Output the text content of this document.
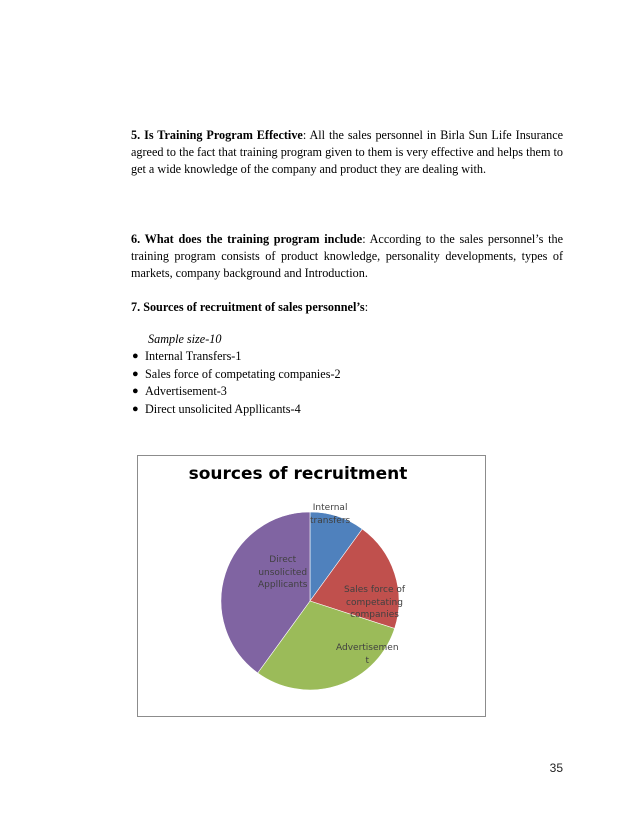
5. Is Training Program Effective: All the sales personnel in Birla Sun Life Insurance agreed to the fact that training program given to them is very effective and helps them to get a wide knowledge of the company and product they are dealing with.
6. What does the training program include: According to the sales personnel’s the training program consists of product knowledge, personality developments, types of markets, company background and Introduction.
7. Sources of recruitment of sales personnel’s:
Sample size-10
● Internal Transfers-1
● Sales force of competating companies-2
● Advertisement-3
● Direct unsolicited Appllicants-4
sources of recruitment
Internal
transfers
Sales force of
competating
companies
Advertisemen
t
Direct
unsolicited
Appllicants
35
